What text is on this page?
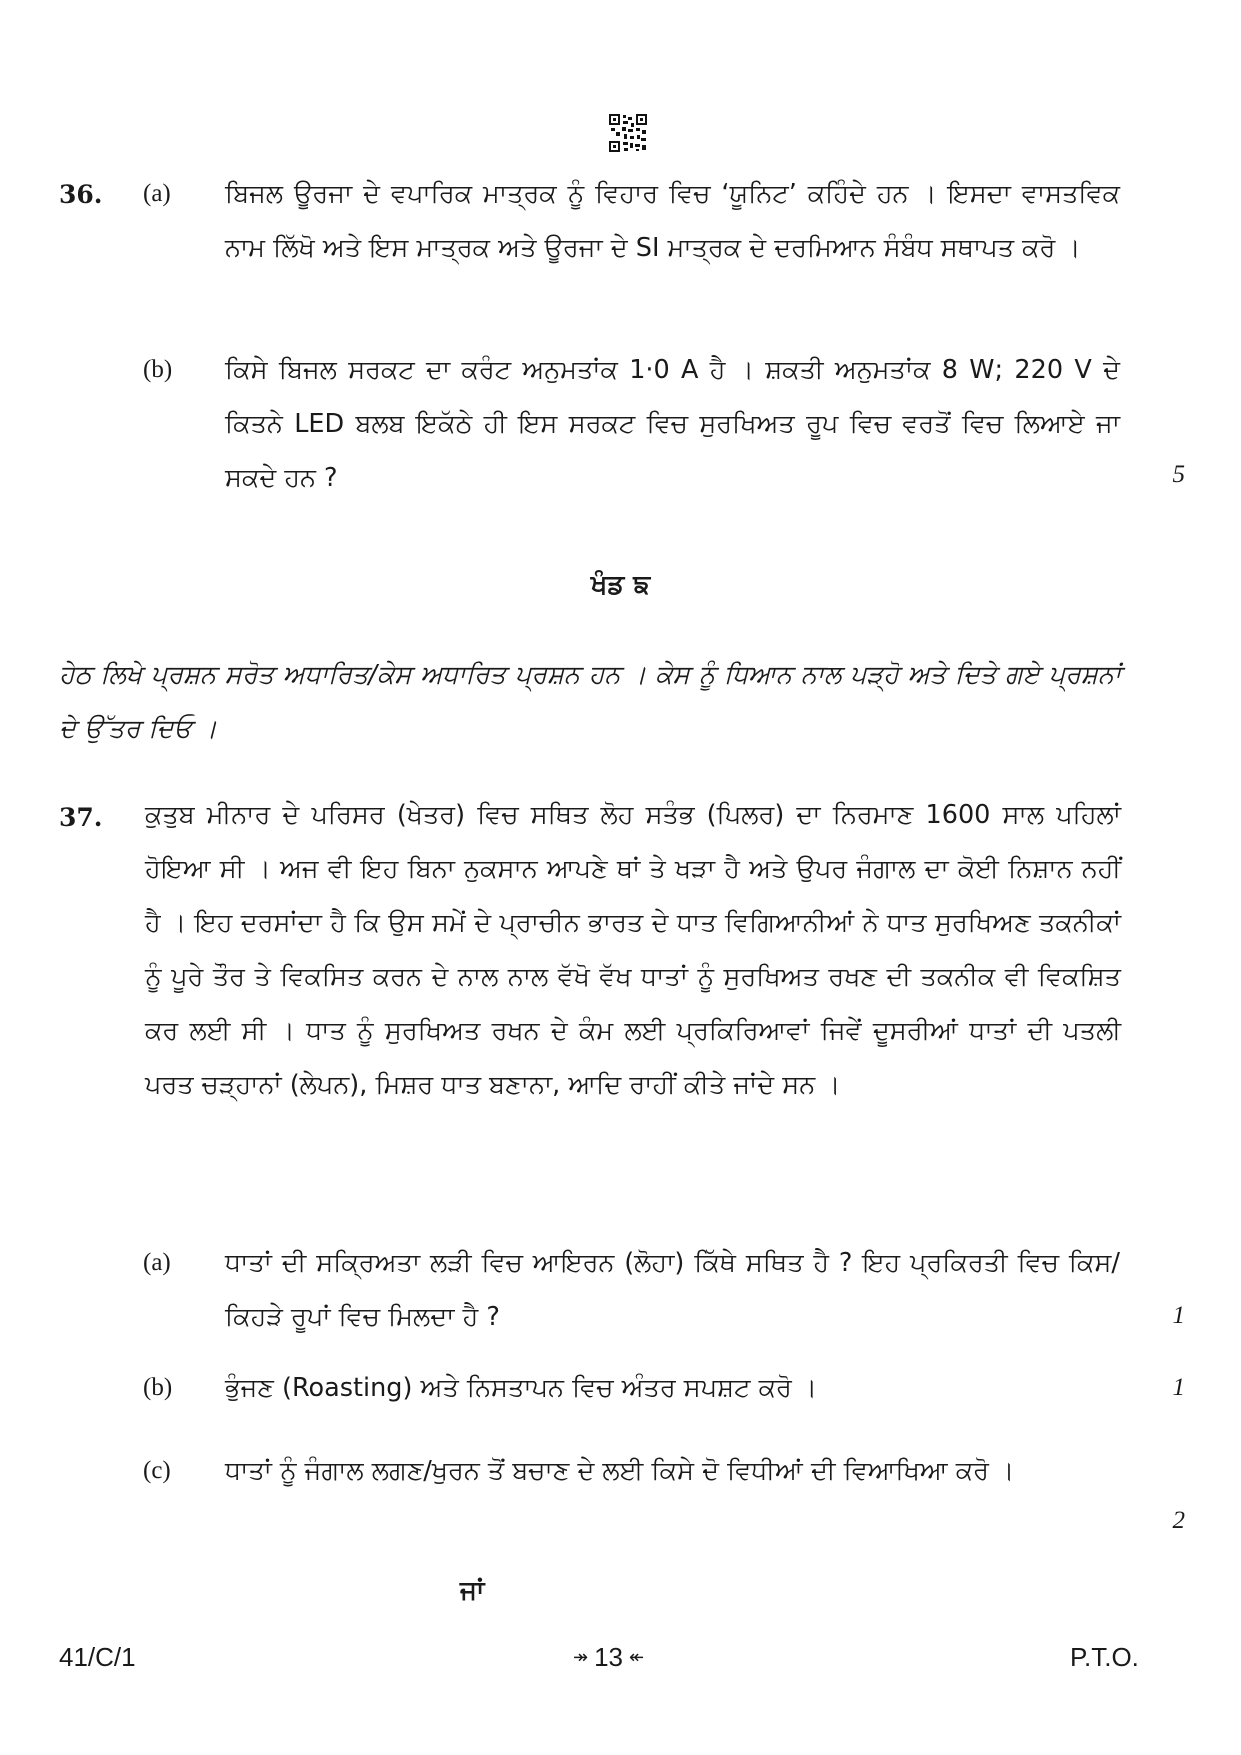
36. (a) ਬਿਜਲ ਊਰਜਾ ਦੇ ਵਪਾਰਿਕ ਮਾਤ੍ਰਕ ਨੂੰ ਵਿਹਾਰ ਵਿਚ ‘ਯੂਨਿਟ’ ਕਹਿੰਦੇ ਹਨ । ਇਸਦਾ ਵਾਸਤਵਿਕ ਨਾਮ ਲਿੱਖੋ ਅਤੇ ਇਸ ਮਾਤ੍ਰਕ ਅਤੇ ਊਰਜਾ ਦੇ SI ਮਾਤ੍ਰਕ ਦੇ ਦਰਮਿਆਨ ਸੰਬੰਧ ਸਥਾਪਤ ਕਰੋ ।
(b) ਕਿਸੇ ਬਿਜਲ ਸਰਕਟ ਦਾ ਕਰੰਟ ਅਨੁਮਤਾਂਕ 1·0 A ਹੈ । ਸ਼ਕਤੀ ਅਨੁਮਤਾਂਕ 8 W; 220 V ਦੇ ਕਿਤਨੇ LED ਬਲਬ ਇਕੱਠੇ ਹੀ ਇਸ ਸਰਕਟ ਵਿਚ ਸੁਰਖਿਅਤ ਰੂਪ ਵਿਚ ਵਰਤੋਂ ਵਿਚ ਲਿਆਏ ਜਾ ਸਕਦੇ ਹਨ ?	5
ਖੰਡ ਙ
ਹੇਠ ਲਿਖੇ ਪ੍ਰਸ਼ਨ ਸਰੋਤ ਅਧਾਰਿਤ/ਕੇਸ ਅਧਾਰਿਤ ਪ੍ਰਸ਼ਨ ਹਨ । ਕੇਸ ਨੂੰ ਧਿਆਨ ਨਾਲ ਪੜ੍ਹੋ ਅਤੇ ਦਿਤੇ ਗਏ ਪ੍ਰਸ਼ਨਾਂ ਦੇ ਉੱਤਰ ਦਿਓ ।
37. ਕੁਤੁਬ ਮੀਨਾਰ ਦੇ ਪਰਿਸਰ (ਖੇਤਰ) ਵਿਚ ਸਥਿਤ ਲੋਹ ਸਤੰਭ (ਪਿਲਰ) ਦਾ ਨਿਰਮਾਣ 1600 ਸਾਲ ਪਹਿਲਾਂ ਹੋਇਆ ਸੀ । ਅਜ ਵੀ ਇਹ ਬਿਨਾ ਨੁਕਸਾਨ ਆਪਣੇ ਥਾਂ ਤੇ ਖੜਾ ਹੈ ਅਤੇ ਉਪਰ ਜੰਗਾਲ ਦਾ ਕੋਈ ਨਿਸ਼ਾਨ ਨਹੀਂ ਹੈ । ਇਹ ਦਰਸਾਂਦਾ ਹੈ ਕਿ ਉਸ ਸਮੇਂ ਦੇ ਪ੍ਰਾਚੀਨ ਭਾਰਤ ਦੇ ਧਾਤ ਵਿਗਿਆਨੀਆਂ ਨੇ ਧਾਤ ਸੁਰਖਿਅਣ ਤਕਨੀਕਾਂ ਨੂੰ ਪੂਰੇ ਤੌਰ ਤੇ ਵਿਕਸਿਤ ਕਰਨ ਦੇ ਨਾਲ ਨਾਲ ਵੱਖੋ ਵੱਖ ਧਾਤਾਂ ਨੂੰ ਸੁਰਖਿਅਤ ਰਖਣ ਦੀ ਤਕਨੀਕ ਵੀ ਵਿਕਸ਼ਿਤ ਕਰ ਲਈ ਸੀ । ਧਾਤ ਨੂੰ ਸੁਰਖਿਅਤ ਰਖਨ ਦੇ ਕੰਮ ਲਈ ਪ੍ਰਕਿਰਿਆਵਾਂ ਜਿਵੇਂ ਦੂਸਰੀਆਂ ਧਾਤਾਂ ਦੀ ਪਤਲੀ ਪਰਤ ਚੜ੍ਹਾਨਾਂ (ਲੇਪਨ), ਮਿਸ਼ਰ ਧਾਤ ਬਣਾਨਾ, ਆਦਿ ਰਾਹੀਂ ਕੀਤੇ ਜਾਂਦੇ ਸਨ ।
(a) ਧਾਤਾਂ ਦੀ ਸਕ੍ਰਿਅਤਾ ਲੜੀ ਵਿਚ ਆਇਰਨ (ਲੋਹਾ) ਕਿੱਥੇ ਸਥਿਤ ਹੈ ? ਇਹ ਪ੍ਰਕਿਰਤੀ ਵਿਚ ਕਿਸ/ਕਿਹੜੇ ਰੂਪਾਂ ਵਿਚ ਮਿਲਦਾ ਹੈ ?	1
(b) ਭੁੰਜਣ (Roasting) ਅਤੇ ਨਿਸਤਾਪਨ ਵਿਚ ਅੰਤਰ ਸਪਸ਼ਟ ਕਰੋ ।	1
(c) ਧਾਤਾਂ ਨੂੰ ਜੰਗਾਲ ਲਗਣ/ਖੁਰਨ ਤੋਂ ਬਚਾਣ ਦੇ ਲਈ ਕਿਸੇ ਦੋ ਵਿਧੀਆਂ ਦੀ ਵਿਆਖਿਆ ਕਰੋ ।
2
ਜਾਂ
41/C/1	↠ 13 ↞	P.T.O.
